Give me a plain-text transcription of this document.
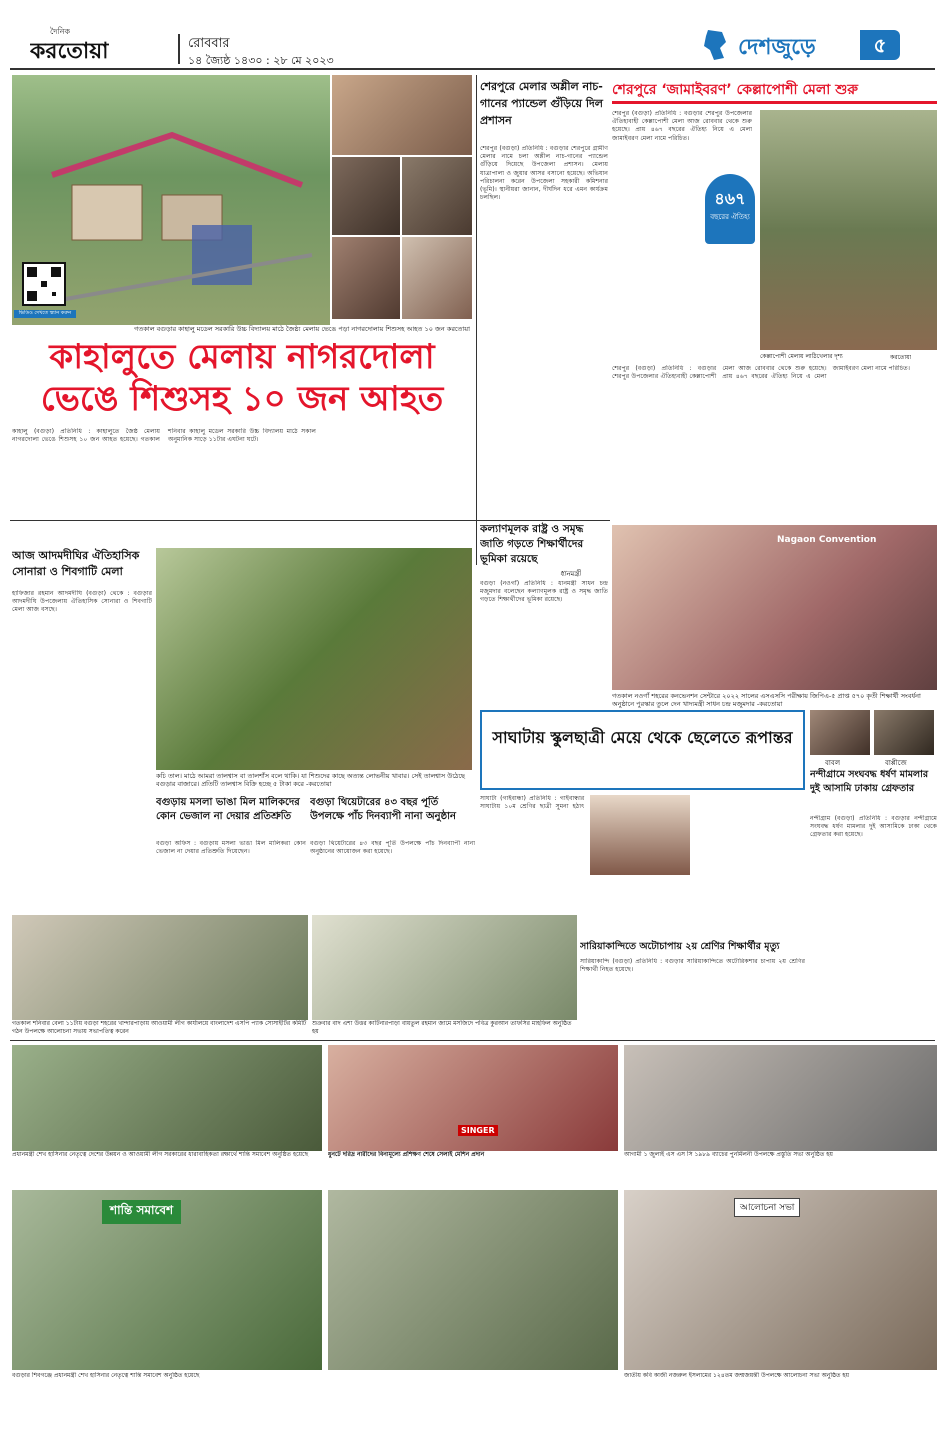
দৈনিক
করতোয়া	রোববার
১৪ জ্যৈষ্ঠ ১৪৩০ : ২৮ মে ২০২৩
দেশজুড়ে	৫
ভিডিও দেখতে স্ক্যান করুন
গতকাল বগুড়ার কাহালু মডেল সরকারি উচ্চ বিদ্যালয় মাঠে জৈষ্ঠ্য মেলায় ভেঙে পড়া নাগরদোলায় শিশুসহ আহত ১০ জন করতোয়া
কাহালুতে মেলায় নাগরদোলা ভেঙে শিশুসহ ১০ জন আহত
কাহালু (বগুড়া) প্রতিনিধি : কাহালুতে জৈষ্ঠ মেলায় নাগরদোলা ভেঙে শিশুসহ ১০ জন আহত হয়েছে। গতকাল শনিবার কাহালু মডেল সরকারি উচ্চ বিদ্যালয় মাঠে সকাল অনুমানিক সাড়ে ১১টার এঘটনা ঘটে।
শেরপুরে মেলার অশ্লীল নাচ-গানের প্যান্ডেল গুঁড়িয়ে দিল প্রশাসন
শেরপুর (বগুড়া) প্রতিনিধি : বগুড়ার শেরপুরে গ্রামীণ মেলার নামে চলা অশ্লীল নাচ-গানের প্যান্ডেল গুঁড়িয়ে দিয়েছে উপজেলা প্রশাসন। মেলায় যাত্রাপালা ও জুয়ার আসর বসানো হয়েছে। অভিযান পরিচালনা করেন উপজেলা সহকারী কমিশনার (ভূমি)। স্থানীয়রা জানান, দীর্ঘদিন ধরে এমন কার্যক্রম চলছিল।
শেরপুরে ‘জামাইবরণ’ কেল্লাপোশী মেলা শুরু
শেরপুর (বগুড়া) প্রতিনিধি : বগুড়ার শেরপুর উপজেলার ঐতিহ্যবাহী কেল্লাপোশী মেলা আজ রোববার থেকে শুরু হয়েছে। প্রায় ৪৬৭ বছরের ঐতিহ্য নিয়ে এ মেলা জামাইবরণ মেলা নামে পরিচিত।
৪৬৭
বছরের ঐতিহ্য
কেল্লাপোশী মেলায় লাঠিখেলার দৃশ্য	করতোয়া
শেরপুর (বগুড়া) প্রতিনিধি : বগুড়ার শেরপুর উপজেলার ঐতিহ্যবাহী কেল্লাপোশী মেলা আজ রোববার থেকে শুরু হয়েছে। প্রায় ৪৬৭ বছরের ঐতিহ্য নিয়ে এ মেলা জামাইবরণ মেলা নামে পরিচিত।
কল্যাণমূলক রাষ্ট্র ও সমৃদ্ধ জাতি গড়তে শিক্ষার্থীদের ভূমিকা রয়েছে
ধানমন্ত্রী
বগুড়া (নওগাঁ) প্রতিনিধি : ধানমন্ত্রী সাধন চন্দ্র মজুমদার বলেছেন কল্যাণমূলক রাষ্ট্র ও সমৃদ্ধ জাতি গড়তে শিক্ষার্থীদের ভূমিকা রয়েছে।
Nagaon Convention
গতকাল নওগাঁ শহরের কনভেনশন সেন্টারে ২০২২ সালের এসএসসি পরীক্ষায় জিপিএ-৫ প্রাপ্ত ৫৭০ কৃতী শিক্ষার্থী সংবর্ধনা অনুষ্ঠানে পুরস্কার তুলে দেন খাদ্যমন্ত্রী সাধন চন্দ্র মজুমদার -করতোয়া
আজ আদমদীঘির ঐতিহাসিক সোনারা ও শিবগাটি মেলা
হাফিজার রহমান আদমদীঘি (বগুড়া) থেকে : বগুড়ার আদমদীঘি উপজেলায় ঐতিহাসিক সোনারা ও শিবগাটি মেলা আজ বসছে।
কচি তাল। মাঠে আমরা তালশ্বাস বা তালশাঁস বলে থাকি। যা শিশুদের কাছে অত্যন্ত লোভনীয় খাবার। সেই তালশ্বাস উঠেছে বগুড়ার বাজারে। প্রতিটি তালশ্বাস বিক্রি হচ্ছে ৫ টাকা করে -করতোয়া
বগুড়ায় মসলা ভাঙা মিল মালিকদের কোন ভেজাল না দেয়ার প্রতিশ্রুতি
বগুড়া অফিস : বগুড়ায় মসলা ভাঙা মিল মালিকরা কোন ভেজাল না দেয়ার প্রতিশ্রুতি দিয়েছেন।
বগুড়া থিয়েটারের ৪৩ বছর পূর্তি উপলক্ষে পাঁচ দিনব্যাপী নানা অনুষ্ঠান
বগুড়া থিয়েটারের ৪৩ বছর পূর্তি উপলক্ষে পাঁচ দিনব্যাপী নানা অনুষ্ঠানের আয়োজন করা হয়েছে।
সাঘাটায় স্কুলছাত্রী মেয়ে থেকে ছেলেতে রূপান্তর
সাঘাটা (গাইবান্ধা) প্রতিনিধি : গাইবান্ধার সাঘাটায় ১০ম শ্রেণির ছাত্রী সুমনা হঠাৎ
বাবল	বাপ্পীজে
নন্দীগ্রামে সংঘবদ্ধ ধর্ষণ মামলার দুই আসামি ঢাকায় গ্রেফতার
নন্দীগ্রাম (বগুড়া) প্রতিনিধি : বগুড়ার নন্দীগ্রামে সংঘবদ্ধ ধর্ষণ মামলার দুই আসামিকে ঢাকা থেকে গ্রেফতার করা হয়েছে।
সারিয়াকান্দিতে অটোচাপায় ২য় শ্রেণির শিক্ষার্থীর মৃত্যু
সারিয়াকান্দি (বগুড়া) প্রতিনিধি : বগুড়ার সারিয়াকান্দিতে অটোরিকশার চাপায় ২য় শ্রেণির শিক্ষার্থী নিহত হয়েছে।
গতকাল শনিবার বেলা ১১টায় বগুড়া শহরের খান্দারপাড়ায় আওয়ামী লীগ কার্যালয়ে বাংলাদেশ এসপি প্যাক সোসাইটির কমিটি গঠন উপলক্ষে আলোচনা সভায় সভাপতিত্ব করেন
শুক্রবার বাদ এশা উত্তর কাটিনারপাড়া বায়তুল রহমান জামে মসজিদে পবিত্র কুরআন তাফসির মাহফিল অনুষ্ঠিত হয়
প্রধানমন্ত্রী শেখ হাসিনার নেতৃত্বে দেশের উন্নয়ন ও আওয়ামী লীগ সরকারের ধারাবাহিকতা রক্ষার্থে শান্তি সমাবেশ অনুষ্ঠিত হয়েছে
SINGER
ধুনটে দরিদ্র নারীদের বিনামূল্যে প্রশিক্ষণ শেষে সেলাই মেশিন প্রদান	আগামী ১ জুলাই এস এস সি ১৯৮৯ ব্যাচের পুনর্মিলনী উপলক্ষে প্রস্তুতি সভা অনুষ্ঠিত হয়
শান্তি সমাবেশ
বগুড়ার শিবগঞ্জে প্রধানমন্ত্রী শেখ হাসিনার নেতৃত্বে শান্তি সমাবেশ অনুষ্ঠিত হয়েছে
আলোচনা সভা
জাতীয় কবি কাজী নজরুল ইসলামের ১২৪তম জন্মজয়ন্তী উপলক্ষে আলোচনা সভা অনুষ্ঠিত হয়
